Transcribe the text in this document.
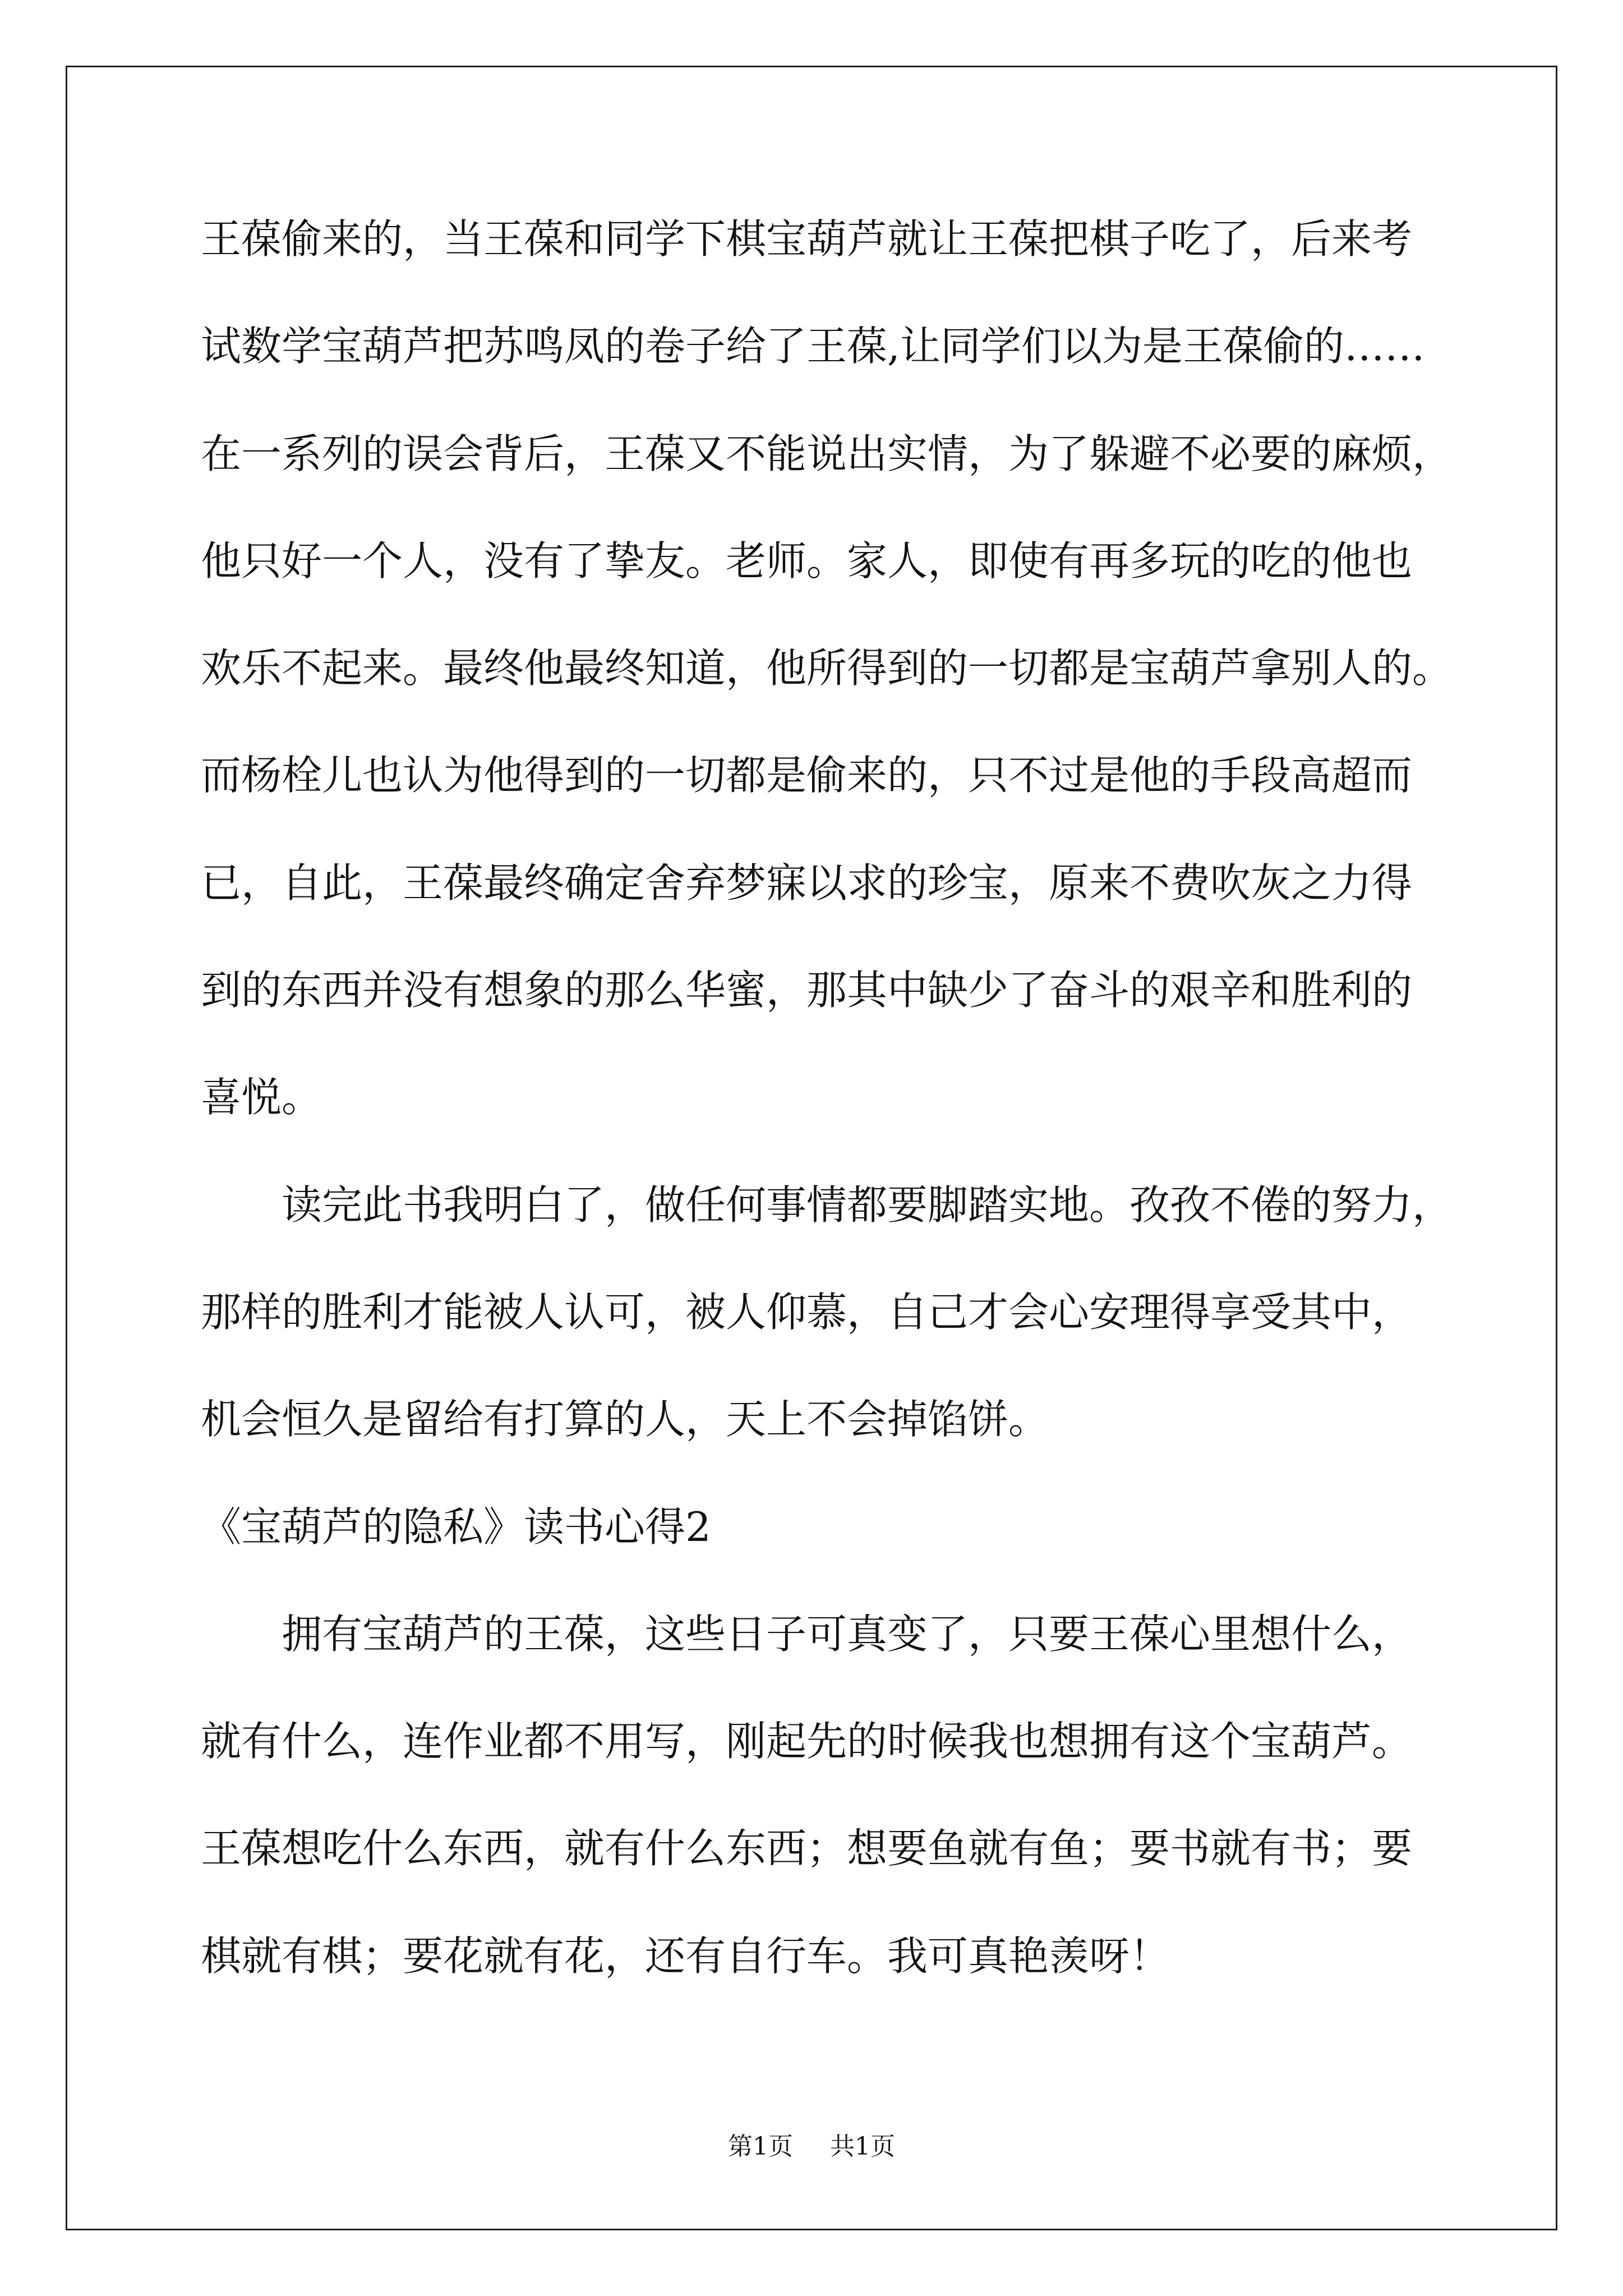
王葆偷来的，当王葆和同学下棋宝葫芦就让王葆把棋子吃了，后来考
试数学宝葫芦把苏鸣凤的卷子给了王葆,让同学们以为是王葆偷的……
在一系列的误会背后，王葆又不能说出实情，为了躲避不必要的麻烦，
他只好一个人，没有了挚友。老师。家人，即使有再多玩的吃的他也
欢乐不起来。最终他最终知道，他所得到的一切都是宝葫芦拿别人的。
而杨栓儿也认为他得到的一切都是偷来的，只不过是他的手段高超而
已，自此，王葆最终确定舍弃梦寐以求的珍宝，原来不费吹灰之力得
到的东西并没有想象的那么华蜜，那其中缺少了奋斗的艰辛和胜利的
喜悦。
读完此书我明白了，做任何事情都要脚踏实地。孜孜不倦的努力，
那样的胜利才能被人认可，被人仰慕，自己才会心安理得享受其中，
机会恒久是留给有打算的人，天上不会掉馅饼。
《宝葫芦的隐私》读书心得2
拥有宝葫芦的王葆，这些日子可真变了，只要王葆心里想什么，
就有什么，连作业都不用写，刚起先的时候我也想拥有这个宝葫芦。
王葆想吃什么东西，就有什么东西；想要鱼就有鱼；要书就有书；要
棋就有棋；要花就有花，还有自行车。我可真艳羡呀！
第1页 共1页
